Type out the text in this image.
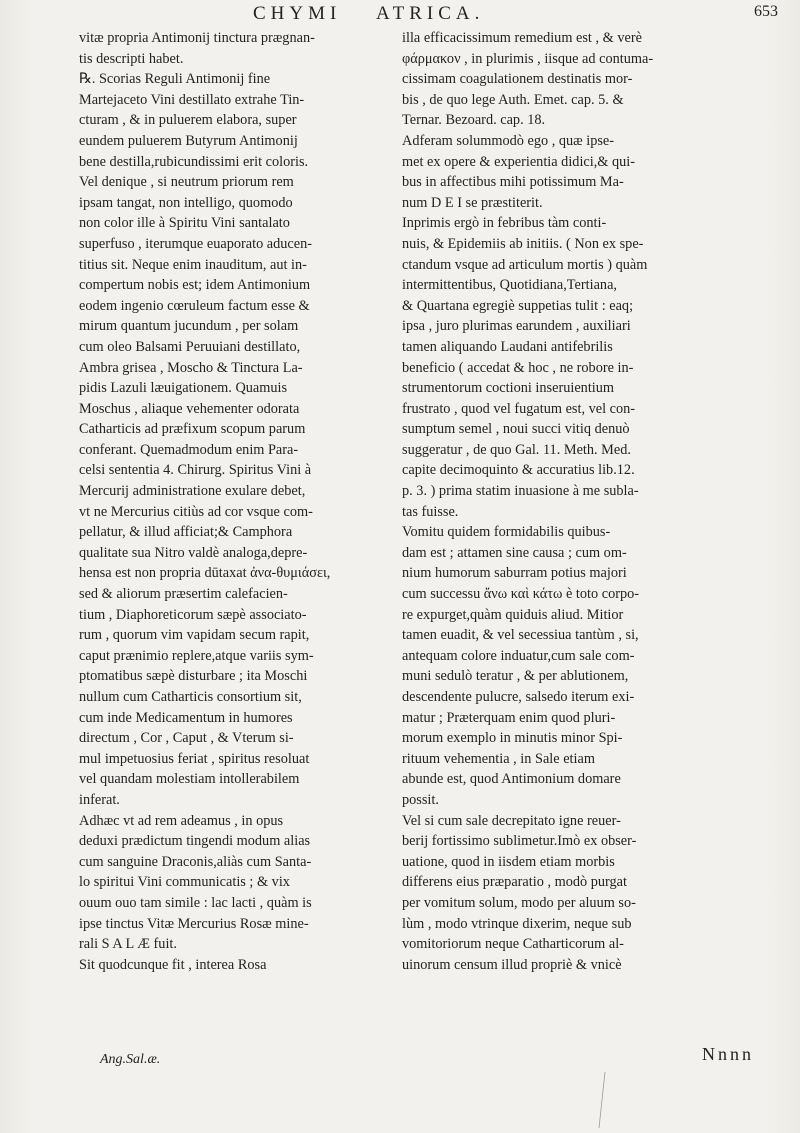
CHYMI ATRICA.	653
vitæ propria Antimonij tinctura prægnan-
tis descripti habet.
℞. Scorias Reguli Antimonij fine
Martejaceto Vini destillato extrahe Tin-
cturam , & in puluerem elabora, super
eundem puluerem Butyrum Antimonij
bene destilla,rubicundissimi erit coloris.
Vel denique , si neutrum priorum rem
ipsam tangat, non intelligo, quomodo
non color ille à Spiritu Vini santalato
superfuso , iterumque euaporato aducen-
titius sit. Neque enim inauditum, aut in-
compertum nobis est; idem Antimonium
eodem ingenio cœruleum factum esse &
mirum quantum jucundum , per solam
cum oleo Balsami Peruuiani destillato,
Ambra grisea , Moscho & Tinctura La-
pidis Lazuli læuigationem. Quamuis
Moschus , aliaque vehementer odorata
Catharticis ad præfixum scopum parum
conferant. Quemadmodum enim Para-
celsi sententia 4. Chirurg. Spiritus Vini à
Mercurij administratione exulare debet,
vt ne Mercurius citiùs ad cor vsque com-
pellatur, & illud afficiat;& Camphora
qualitate sua Nitro valdè analoga,depre-
hensa est non propria dūtaxat ἀνα-θυμιάσει,
sed & aliorum præsertim calefacien-
tium , Diaphoreticorum sæpè associato-
rum , quorum vim vapidam secum rapit,
caput prænimio replere,atque variis sym-
ptomatibus sæpè disturbare ; ita Moschi
nullum cum Catharticis consortium sit,
cum inde Medicamentum in humores
directum , Cor , Caput , & Vterum si-
mul impetuosius feriat , spiritus resoluat
vel quandam molestiam intollerabilem
inferat.
Adhæc vt ad rem adeamus , in opus
deduxi prædictum tingendi modum alias
cum sanguine Draconis,aliàs cum Santa-
lo spiritui Vini communicatis ; & vix
ouum ouo tam simile : lac lacti , quàm is
ipse tinctus Vitæ Mercurius Rosæ mine-
rali S A L Æ fuit.
Sit quodcunque fit , interea Rosa
illa efficacissimum remedium est , & verè
φάρμακον , in plurimis , iisque ad contuma-
cissimam coagulationem destinatis mor-
bis , de quo lege Auth. Emet. cap. 5. &
Ternar. Bezoard. cap. 18.
Adferam solummodò ego , quæ ipse-
met ex opere & experientia didici,& qui-
bus in affectibus mihi potissimum Ma-
num D E I se præstiterit.
Inprimis ergò in febribus tàm conti-
nuis, & Epidemiis ab initiis. ( Non ex spe-
ctandum vsque ad articulum mortis ) quàm
intermittentibus, Quotidiana,Tertiana,
& Quartana egregiè suppetias tulit : eaq;
ipsa , juro plurimas earundem , auxiliari
tamen aliquando Laudani antifebrilis
beneficio ( accedat & hoc , ne robore in-
strumentorum coctioni inseruientium
frustrato , quod vel fugatum est, vel con-
sumptum semel , noui succi vitiq denuò
suggeratur , de quo Gal. 11. Meth. Med.
capite decimoquinto & accuratius lib.12.
p. 3. ) prima statim inuasione à me subla-
tas fuisse.
Vomitu quidem formidabilis quibus-
dam est ; attamen sine causa ; cum om-
nium humorum saburram potius majori
cum successu ἄνω καὶ κάτω è toto corpo-
re expurget,quàm quiduis aliud. Mitior
tamen euadit, & vel secessiua tantùm , si,
antequam colore induatur,cum sale com-
muni sedulò teratur , & per ablutionem,
descendente pulucre, salsedo iterum exi-
matur ; Præterquam enim quod pluri-
morum exemplo in minutis minor Spi-
rituum vehementia , in Sale etiam
abunde est, quod Antimonium domare
possit.
Vel si cum sale decrepitato igne reuer-
berij fortissimo sublimetur.Imò ex obser-
uatione, quod in iisdem etiam morbis
differens eius præparatio , modò purgat
per vomitum solum, modo per aluum so-
lùm , modo vtrinque dixerim, neque sub
vomitoriorum neque Catharticorum al-
uinorum censum illud propriè & vnicè
Ang.Sal.æ.	Nnnn
